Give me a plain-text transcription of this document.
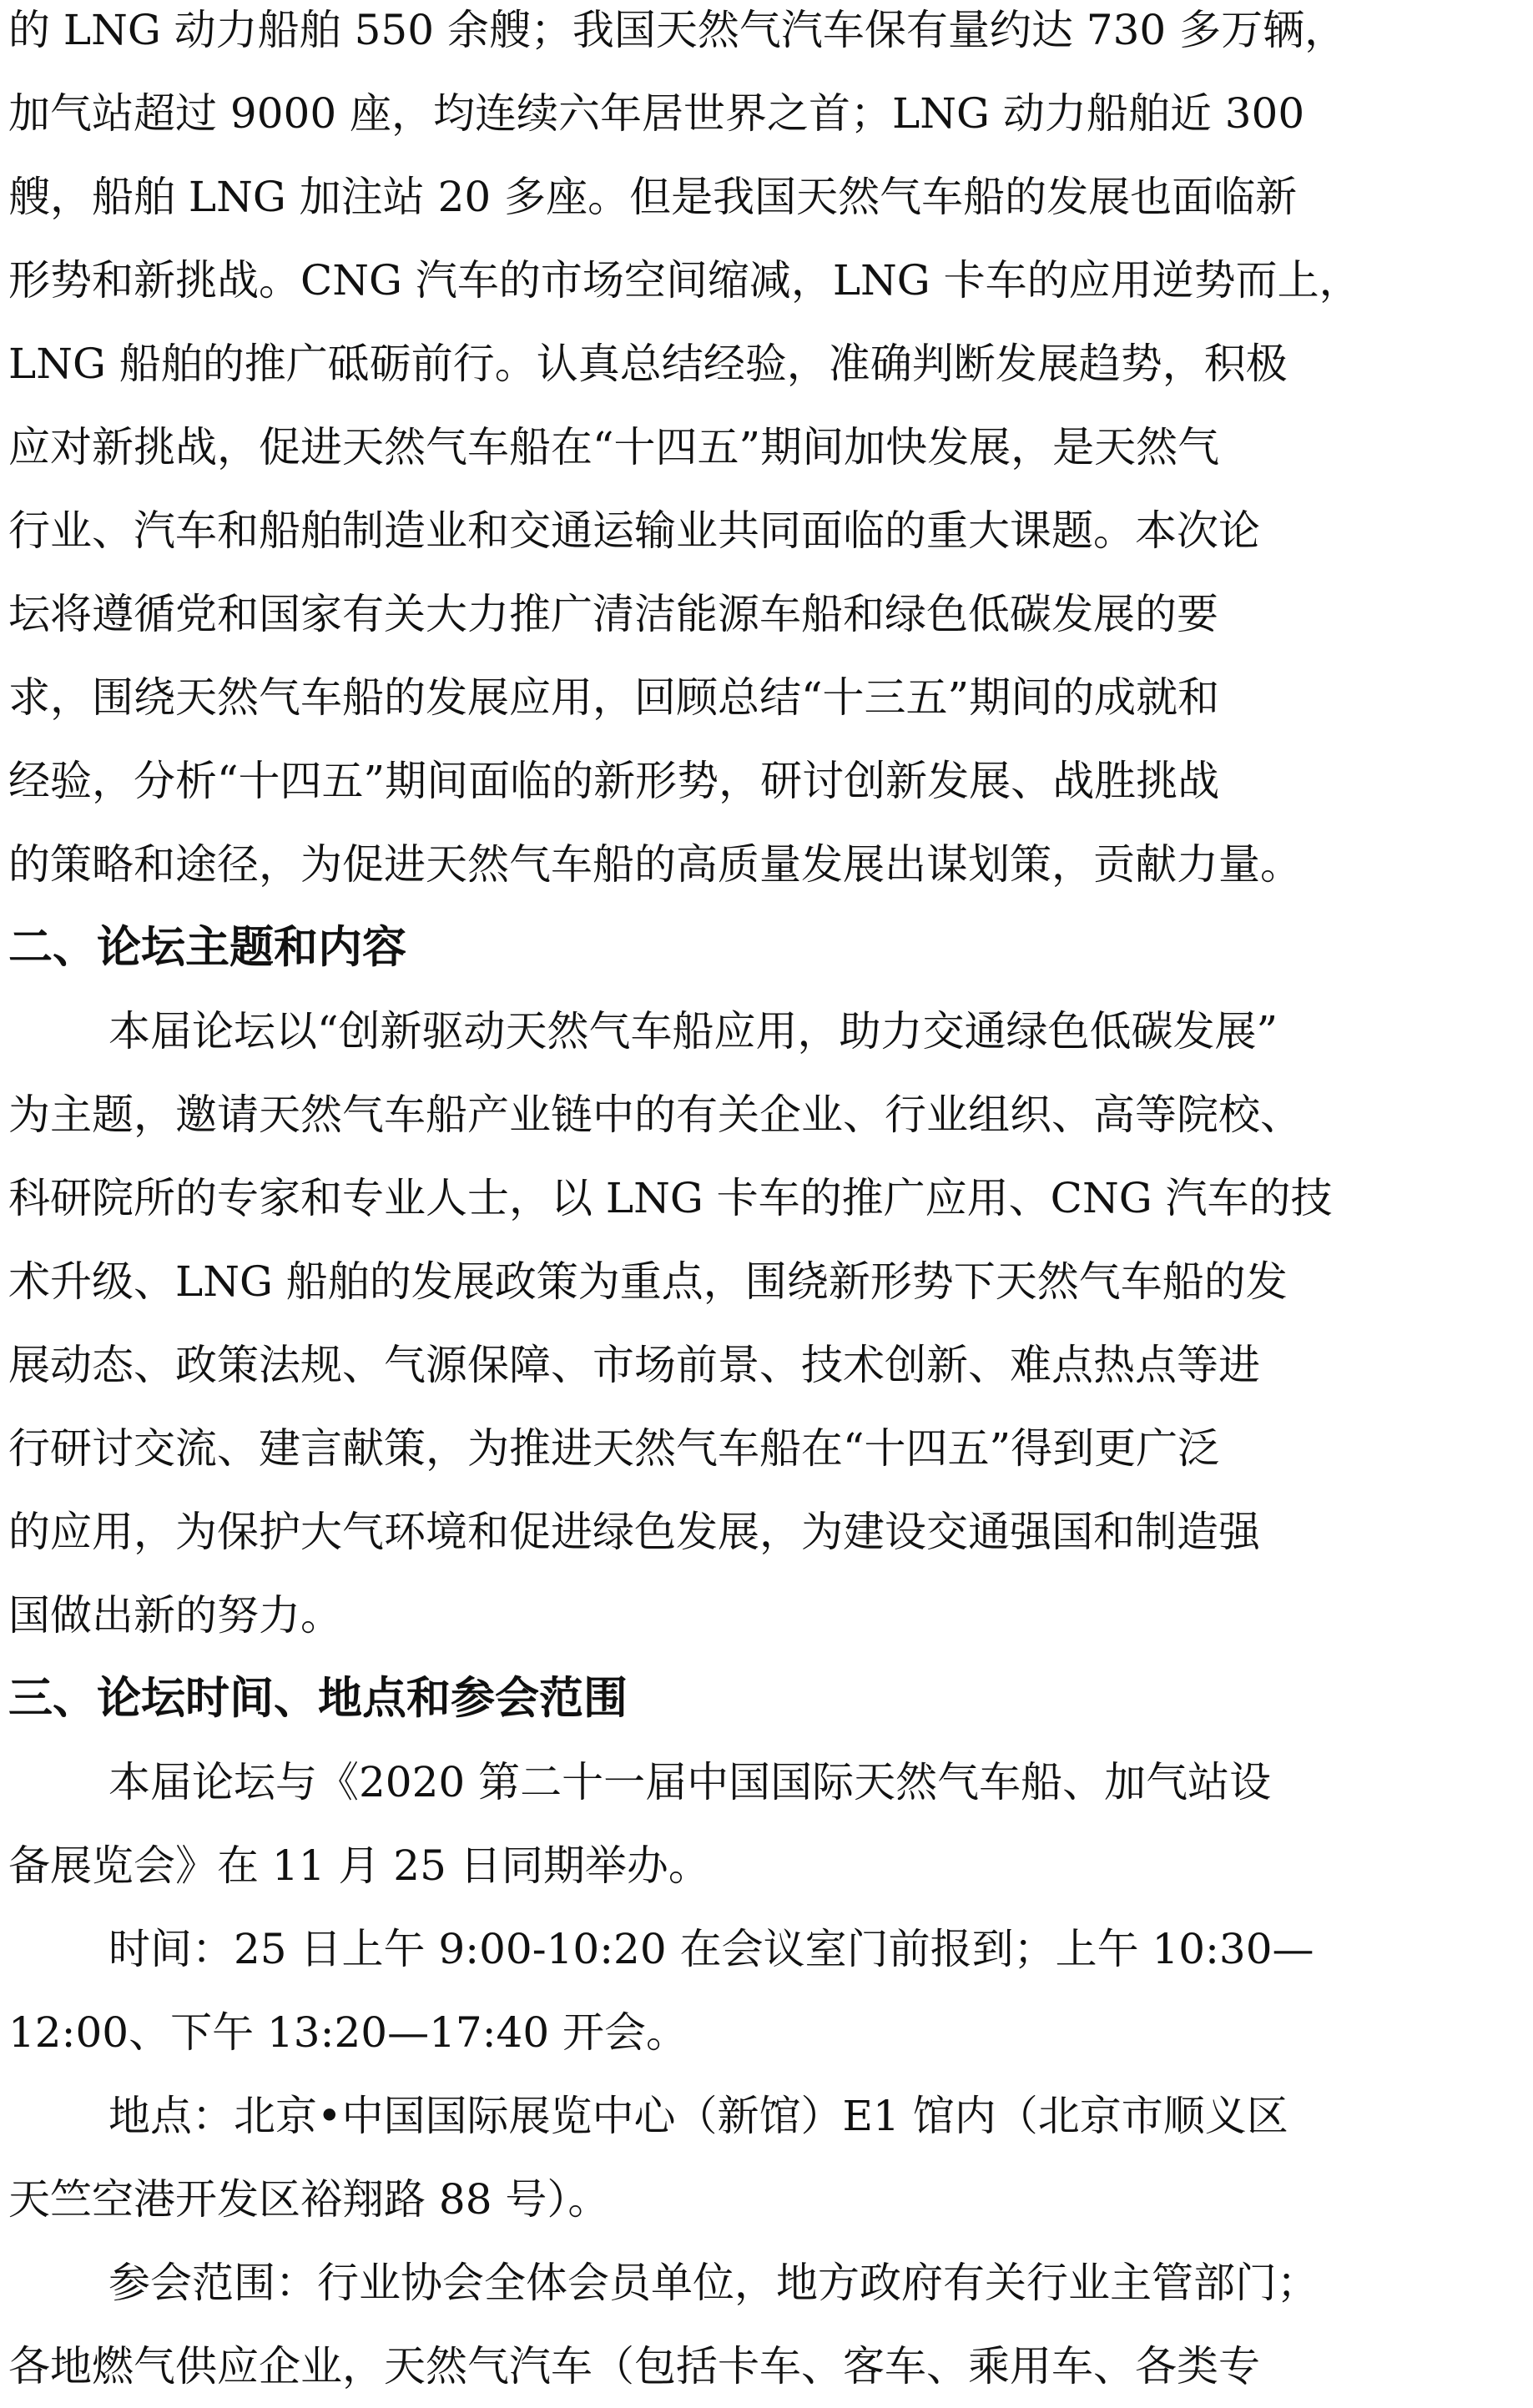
的 LNG 动力船舶 550 余艘；我国天然气汽车保有量约达 730 多万辆，
加气站超过 9000 座，均连续六年居世界之首；LNG 动力船舶近 300
艘，船舶 LNG 加注站 20 多座。但是我国天然气车船的发展也面临新
形势和新挑战。CNG 汽车的市场空间缩减，LNG 卡车的应用逆势而上，
LNG 船舶的推广砥砺前行。认真总结经验，准确判断发展趋势，积极
应对新挑战，促进天然气车船在“十四五”期间加快发展，是天然气
行业、汽车和船舶制造业和交通运输业共同面临的重大课题。本次论
坛将遵循党和国家有关大力推广清洁能源车船和绿色低碳发展的要
求，围绕天然气车船的发展应用，回顾总结“十三五”期间的成就和
经验，分析“十四五”期间面临的新形势，研讨创新发展、战胜挑战
的策略和途径，为促进天然气车船的高质量发展出谋划策，贡献力量。
二、论坛主题和内容
本届论坛以“创新驱动天然气车船应用，助力交通绿色低碳发展”
为主题，邀请天然气车船产业链中的有关企业、行业组织、高等院校、
科研院所的专家和专业人士，以 LNG 卡车的推广应用、CNG 汽车的技
术升级、LNG 船舶的发展政策为重点，围绕新形势下天然气车船的发
展动态、政策法规、气源保障、市场前景、技术创新、难点热点等进
行研讨交流、建言献策，为推进天然气车船在“十四五”得到更广泛
的应用，为保护大气环境和促进绿色发展，为建设交通强国和制造强
国做出新的努力。
三、论坛时间、地点和参会范围
本届论坛与《2020 第二十一届中国国际天然气车船、加气站设
备展览会》在 11 月 25 日同期举办。
时间：25 日上午 9:00-10:20 在会议室门前报到；上午 10:30—
12:00、下午 13:20—17:40 开会。
地点：北京•中国国际展览中心（新馆）E1 馆内（北京市顺义区
天竺空港开发区裕翔路 88 号）。
参会范围：行业协会全体会员单位，地方政府有关行业主管部门；
各地燃气供应企业，天然气汽车（包括卡车、客车、乘用车、各类专
